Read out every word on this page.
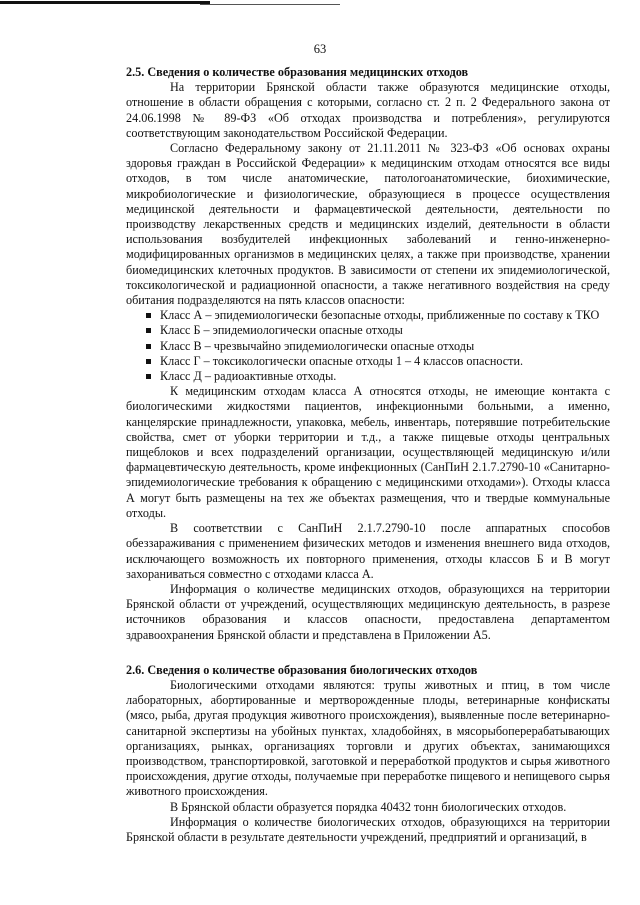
63

2.5. Сведения о количестве образования медицинских отходов

На территории Брянской области также образуются медицинские отходы, отношение в области обращения с которыми, согласно ст. 2 п. 2 Федерального закона от 24.06.1998 № 89-ФЗ «Об отходах производства и потребления», регулируются соответствующим законодательством Российской Федерации.

Согласно Федеральному закону от 21.11.2011 № 323-ФЗ «Об основах охраны здоровья граждан в Российской Федерации» к медицинским отходам относятся все виды отходов, в том числе анатомические, патологоанатомические, биохимические, микробиологические и физиологические, образующиеся в процессе осуществления медицинской деятельности и фармацевтической деятельности, деятельности по производству лекарственных средств и медицинских изделий, деятельности в области использования возбудителей инфекционных заболеваний и генно-инженерно-модифицированных организмов в медицинских целях, а также при производстве, хранении биомедицинских клеточных продуктов. В зависимости от степени их эпидемиологической, токсикологической и радиационной опасности, а также негативного воздействия на среду обитания подразделяются на пять классов опасности:

Класс А – эпидемиологически безопасные отходы, приближенные по составу к ТКО
Класс Б – эпидемиологически опасные отходы
Класс В – чрезвычайно эпидемиологически опасные отходы
Класс Г – токсикологически опасные отходы 1 – 4 классов опасности.
Класс Д – радиоактивные отходы.

К медицинским отходам класса А относятся отходы, не имеющие контакта с биологическими жидкостями пациентов, инфекционными больными, а именно, канцелярские принадлежности, упаковка, мебель, инвентарь, потерявшие потребительские свойства, смет от уборки территории и т.д., а также пищевые отходы центральных пищеблоков и всех подразделений организации, осуществляющей медицинскую и/или фармацевтическую деятельность, кроме инфекционных (СанПиН 2.1.7.2790-10 «Санитарно-эпидемиологические требования к обращению с медицинскими отходами»). Отходы класса А могут быть размещены на тех же объектах размещения, что и твердые коммунальные отходы.

В соответствии с СанПиН 2.1.7.2790-10 после аппаратных способов обеззараживания с применением физических методов и изменения внешнего вида отходов, исключающего возможность их повторного применения, отходы классов Б и В могут захораниваться совместно с отходами класса А.

Информация о количестве медицинских отходов, образующихся на территории Брянской области от учреждений, осуществляющих медицинскую деятельность, в разрезе источников образования и классов опасности, предоставлена департаментом здравоохранения Брянской области и представлена в Приложении А5.

2.6. Сведения о количестве образования биологических отходов

Биологическими отходами являются: трупы животных и птиц, в том числе лабораторных, абортированные и мертворожденные плоды, ветеринарные конфискаты (мясо, рыба, другая продукция животного происхождения), выявленные после ветеринарно-санитарной экспертизы на убойных пунктах, хладобойнях, в мясорыбоперерабатывающих организациях, рынках, организациях торговли и других объектах, занимающихся производством, транспортировкой, заготовкой и переработкой продуктов и сырья животного происхождения, другие отходы, получаемые при переработке пищевого и непищевого сырья животного происхождения.

В Брянской области образуется порядка 40432 тонн биологических отходов.

Информация о количестве биологических отходов, образующихся на территории Брянской области в результате деятельности учреждений, предприятий и организаций, в
